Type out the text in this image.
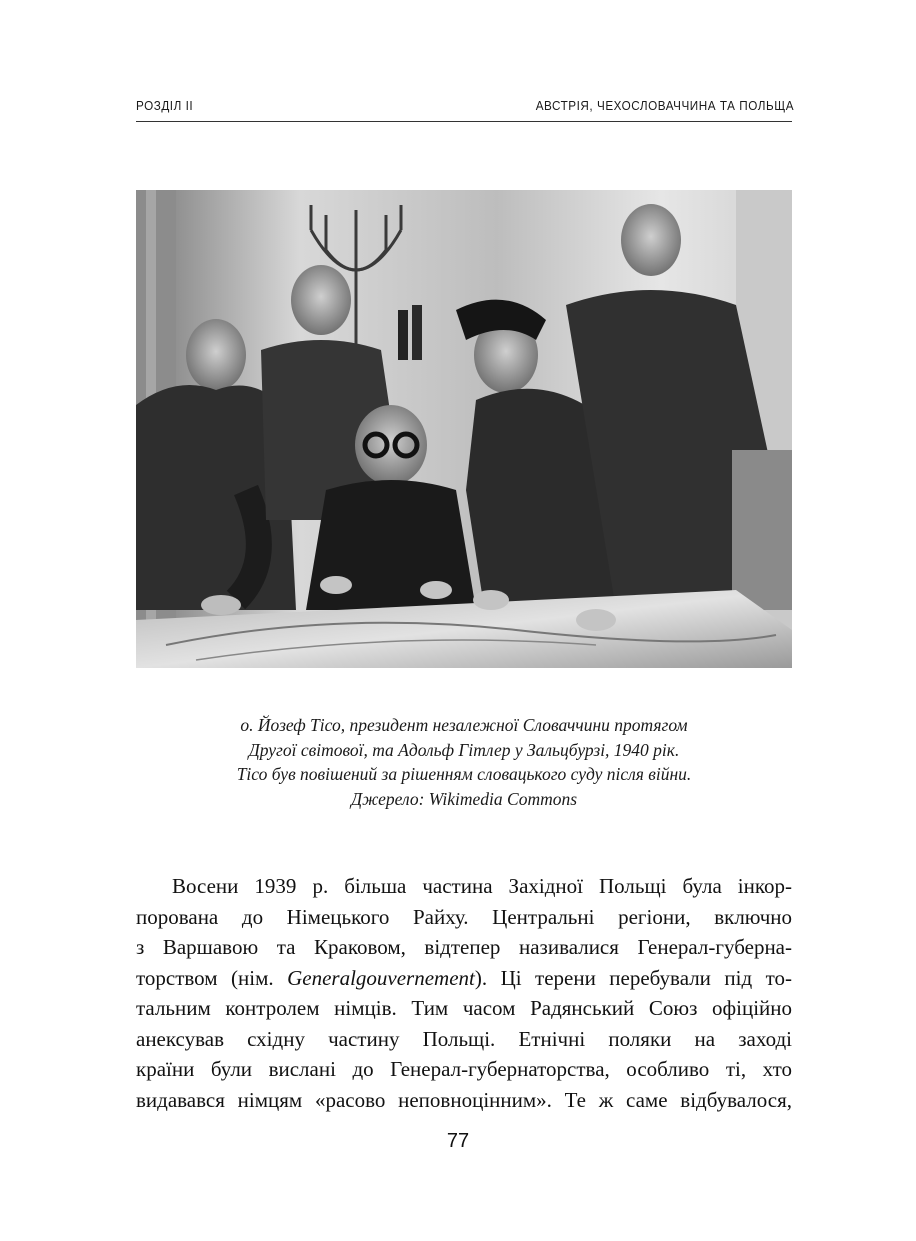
РОЗДІЛ ІІ	АВСТРІЯ, ЧЕХОСЛОВАЧЧИНА ТА ПОЛЬЩА
о. Йозеф Тісо, президент незалежної Словаччини протягом
Другої світової, та Адольф Гітлер у Зальцбурзі, 1940 рік.
Тісо був повішений за рішенням словацького суду після війни.
Джерело: Wikimedia Commons
Восени 1939 р. більша частина Західної Польщі була інкор-
порована до Німецького Райху. Центральні регіони, включно
з Варшавою та Краковом, відтепер називалися Генерал-губерна-
торством (нім. Generalgouvernement). Ці терени перебували під то-
тальним контролем німців. Тим часом Радянський Союз офіційно
анексував східну частину Польщі. Етнічні поляки на заході
країни були вислані до Генерал-губернаторства, особливо ті, хто
видавався німцям «расово неповноцінним». Те ж саме відбувалося,
77
